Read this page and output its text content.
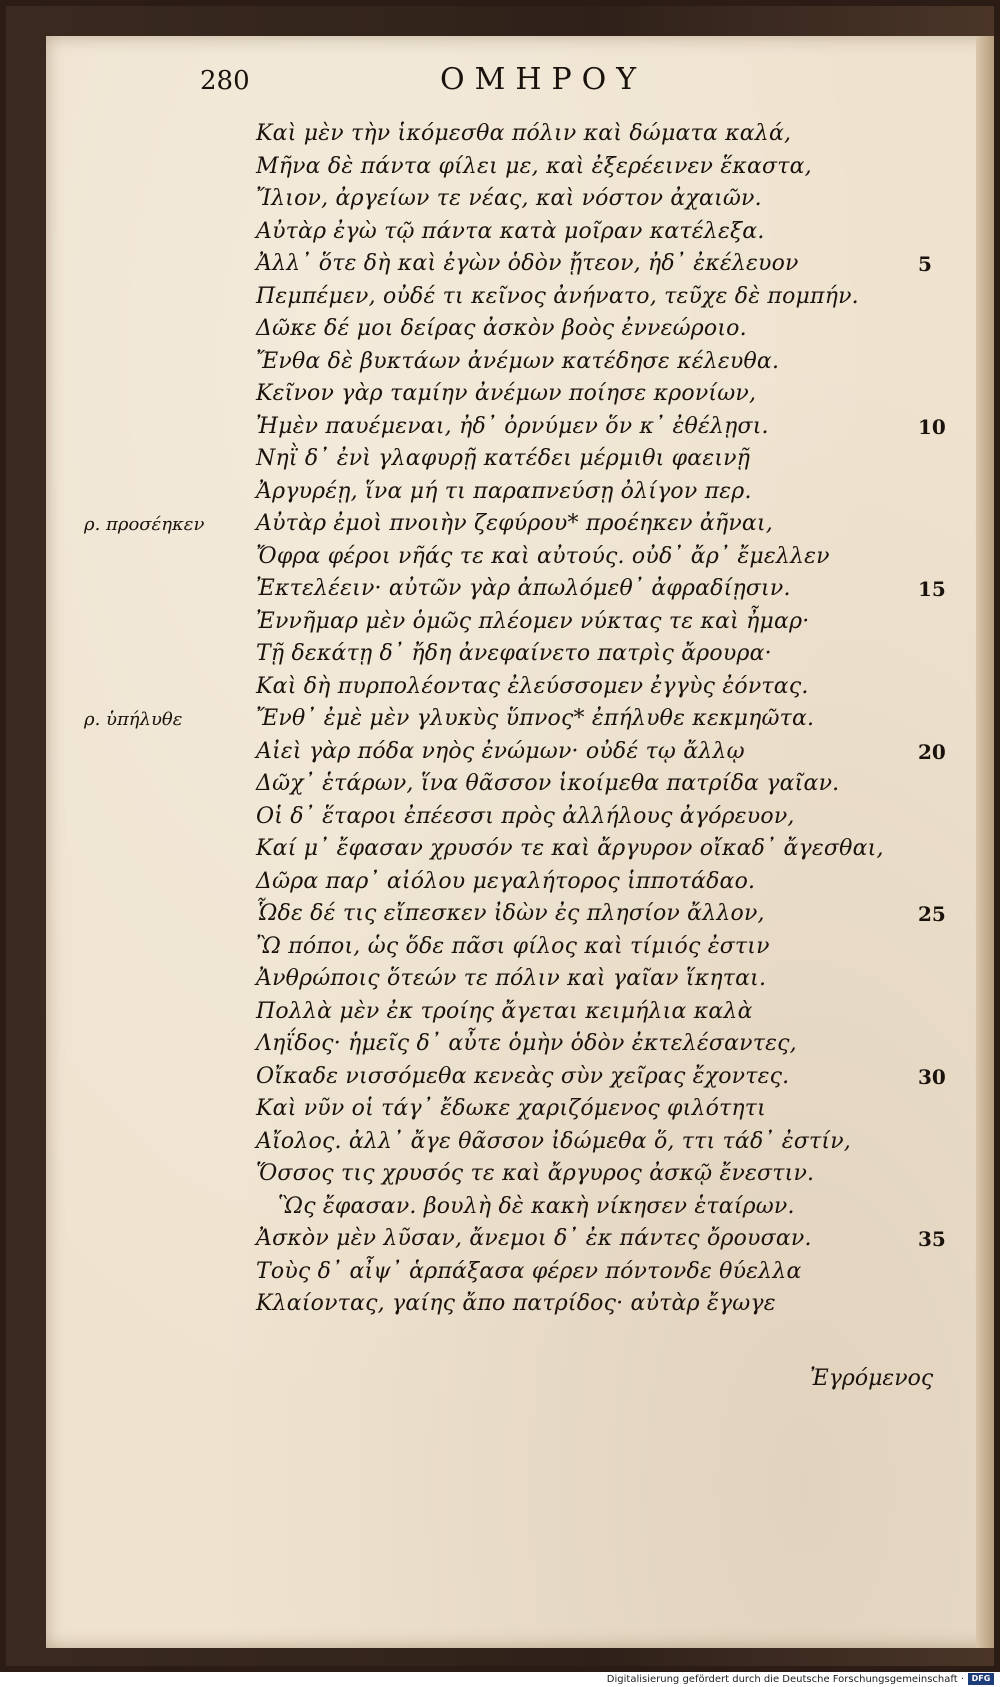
280	ΟΜΗΡΟΥ
Καὶ μὲν τὴν ἱκόμεσθα πόλιν καὶ δώματα καλά,
Μῆνα δὲ πάντα φίλει με, καὶ ἐξερέεινεν ἕκαστα,
Ἴλιον, ἀργείων τε νέας, καὶ νόστον ἀχαιῶν.
Αὐτὰρ ἐγὼ τῷ πάντα κατὰ μοῖραν κατέλεξα.
Ἀλλ᾽ ὅτε δὴ καὶ ἐγὼν ὁδὸν ᾔτεον, ἠδ᾽ ἐκέλευον
Πεμπέμεν, οὐδέ τι κεῖνος ἀνήνατο, τεῦχε δὲ πομπήν.
Δῶκε δέ μοι δείρας ἀσκὸν βοὸς ἐννεώροιο.
Ἔνθα δὲ βυκτάων ἀνέμων κατέδησε κέλευθα.
Κεῖνον γὰρ ταμίην ἀνέμων ποίησε κρονίων,
Ἠμὲν παυέμεναι, ἠδ᾽ ὀρνύμεν ὅν κ᾽ ἐθέλῃσι.
Νηῒ δ᾽ ἐνὶ γλαφυρῇ κατέδει μέρμιθι φαεινῇ
Ἀργυρέῃ, ἵνα μή τι παραπνεύσῃ ὀλίγον περ.
Αὐτὰρ ἐμοὶ πνοιὴν ζεφύρου* προέηκεν ἀῆναι,
Ὄφρα φέροι νῆάς τε καὶ αὐτούς. οὐδ᾽ ἄρ᾽ ἔμελλεν
Ἐκτελέειν· αὐτῶν γὰρ ἀπωλόμεθ᾽ ἀφραδίῃσιν.
Ἐννῆμαρ μὲν ὁμῶς πλέομεν νύκτας τε καὶ ἦμαρ·
Τῇ δεκάτῃ δ᾽ ἤδη ἀνεφαίνετο πατρὶς ἄρουρα·
Καὶ δὴ πυρπολέοντας ἐλεύσσομεν ἐγγὺς ἐόντας.
Ἔνθ᾽ ἐμὲ μὲν γλυκὺς ὕπνος* ἐπήλυθε κεκμηῶτα.
Αἰεὶ γὰρ πόδα νηὸς ἐνώμων· οὐδέ τῳ ἄλλῳ
Δῶχ᾽ ἑτάρων, ἵνα θᾶσσον ἱκοίμεθα πατρίδα γαῖαν.
Οἱ δ᾽ ἕταροι ἐπέεσσι πρὸς ἀλλήλους ἀγόρευον,
Καί μ᾽ ἔφασαν χρυσόν τε καὶ ἄργυρον οἴκαδ᾽ ἄγεσθαι,
Δῶρα παρ᾽ αἰόλου μεγαλήτορος ἱπποτάδαο.
Ὧδε δέ τις εἴπεσκεν ἰδὼν ἐς πλησίον ἄλλον,
Ὢ πόποι, ὡς ὅδε πᾶσι φίλος καὶ τίμιός ἐστιν
Ἀνθρώποις ὅτεών τε πόλιν καὶ γαῖαν ἵκηται.
Πολλὰ μὲν ἐκ τροίης ἄγεται κειμήλια καλὰ
Ληΐδος· ἡμεῖς δ᾽ αὖτε ὁμὴν ὁδὸν ἐκτελέσαντες,
Οἴκαδε νισσόμεθα κενεὰς σὺν χεῖρας ἔχοντες.
Καὶ νῦν οἱ τάγ᾽ ἔδωκε χαριζόμενος φιλότητι
Αἴολος. ἀλλ᾽ ἄγε θᾶσσον ἰδώμεθα ὅ, ττι τάδ᾽ ἐστίν,
Ὅσσος τις χρυσός τε καὶ ἄργυρος ἀσκῷ ἔνεστιν.
Ὣς ἔφασαν. βουλὴ δὲ κακὴ νίκησεν ἑταίρων.
Ἀσκὸν μὲν λῦσαν, ἄνεμοι δ᾽ ἐκ πάντες ὄρουσαν.
Τοὺς δ᾽ αἶψ᾽ ἁρπάξασα φέρεν πόντονδε θύελλα
Κλαίοντας, γαίης ἄπο πατρίδος· αὐτὰρ ἔγωγε
5
10
15
20
25
30
35
ρ. προσέηκεν
ρ. ὑπήλυθε
Ἐγρόμενος
Digitalisierung gefördert durch die Deutsche Forschungsgemeinschaft · DFG
